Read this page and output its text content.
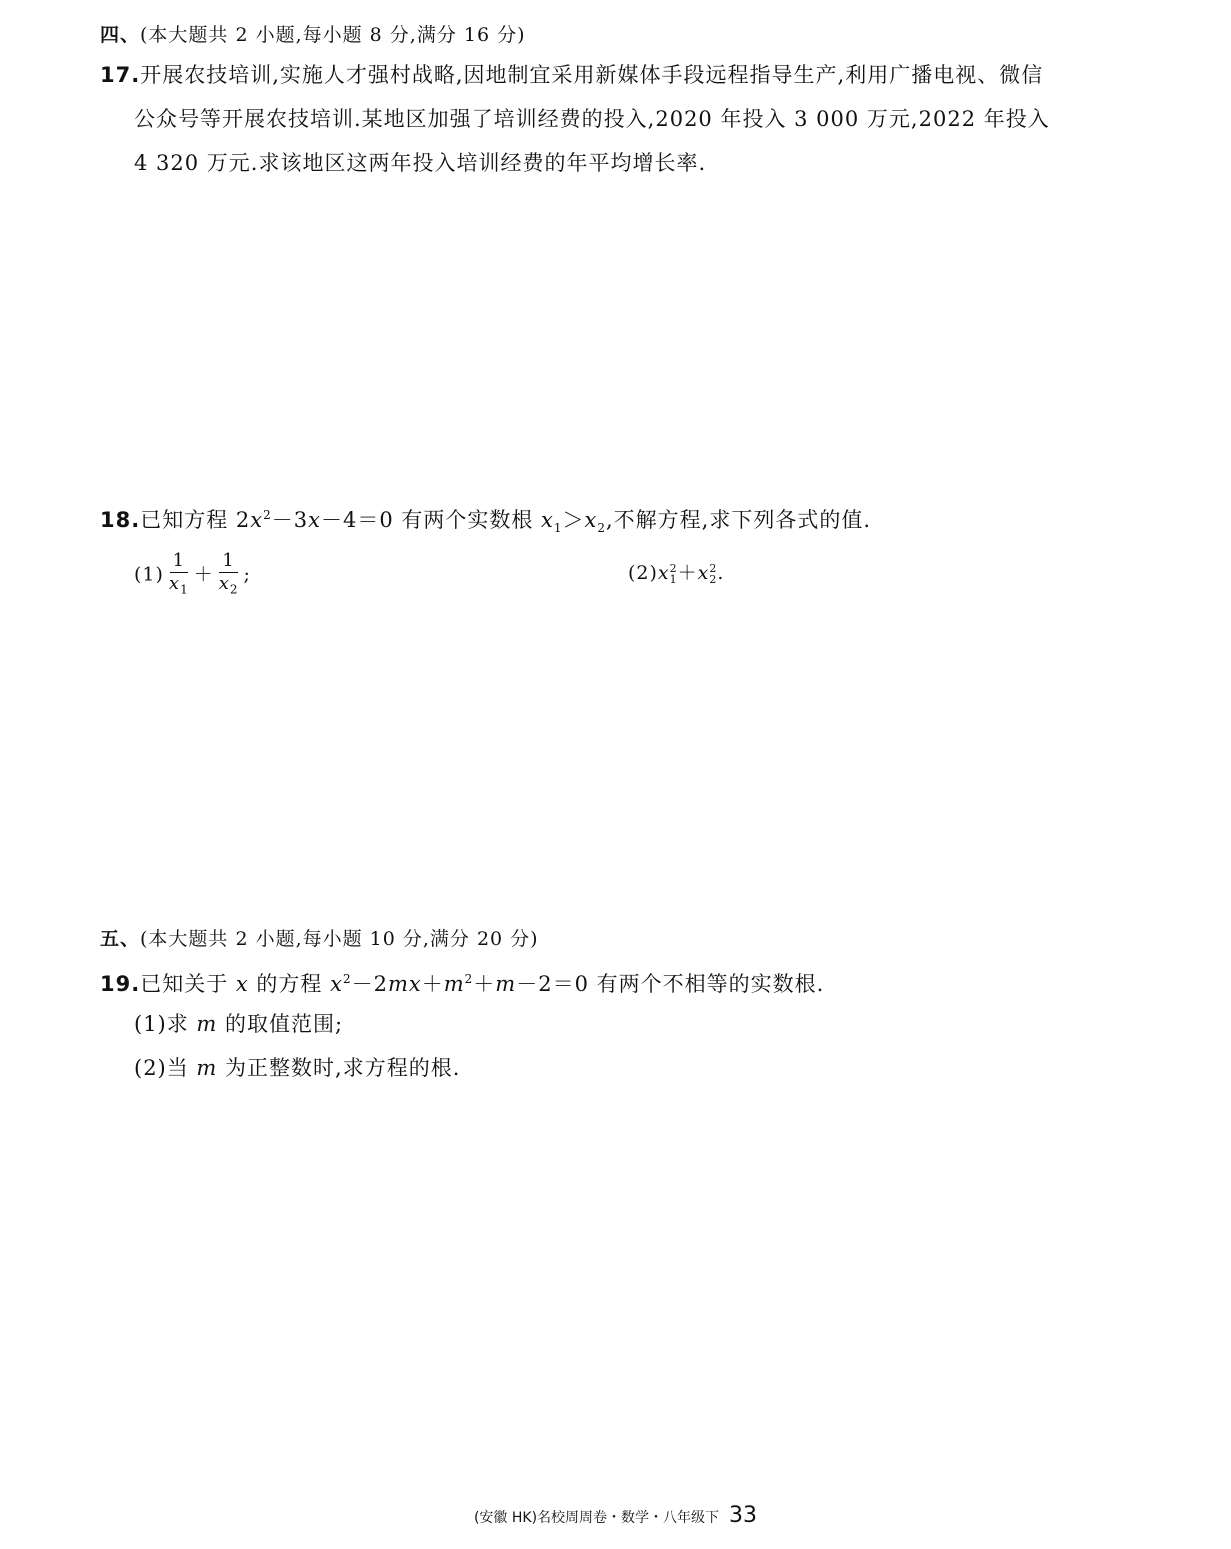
四、(本大题共 2 小题,每小题 8 分,满分 16 分)
17.开展农技培训,实施人才强村战略,因地制宜采用新媒体手段远程指导生产,利用广播电视、微信
公众号等开展农技培训.某地区加强了培训经费的投入,2020 年投入 3 000 万元,2022 年投入
4 320 万元.求该地区这两年投入培训经费的年平均增长率.
18.已知方程 $2x^2-3x-4=0$ 有两个实数根 $x_1>x_2$,不解方程,求下列各式的值.
$(1) \frac{1}{x_1} + \frac{1}{x_2}$ ;	(2)x 2
1 ＋x 2
2 .
五、(本大题共 2 小题,每小题 10 分,满分 20 分)
19.已知关于 x 的方程 $x^2-2mx+m^2+m-2=0$ 有两个不相等的实数根.
(1)求 m 的取值范围;
(2)当 m 为正整数时,求方程的根.
(安徽 HK)名校周周卷・数学・八年级下 33
